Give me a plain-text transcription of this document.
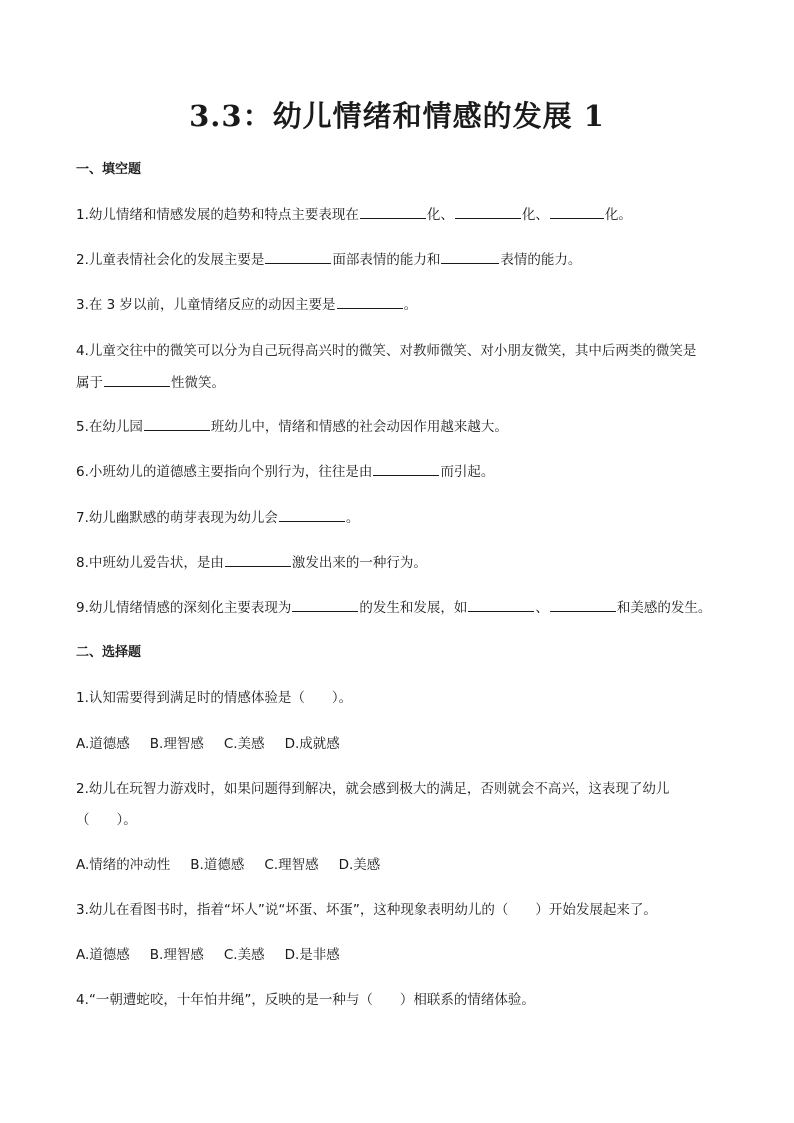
3.3：幼儿情绪和情感的发展 1
一、填空题
1.幼儿情绪和情感发展的趋势和特点主要表现在	化、	化、	化。
2.儿童表情社会化的发展主要是	面部表情的能力和	表情的能力。
3.在 3 岁以前，儿童情绪反应的动因主要是	。
4.儿童交往中的微笑可以分为自己玩得高兴时的微笑、对教师微笑、对小朋友微笑，其中后两类的微笑是
属于	性微笑。
5.在幼儿园	班幼儿中，情绪和情感的社会动因作用越来越大。
6.小班幼儿的道德感主要指向个别行为，往往是由	而引起。
7.幼儿幽默感的萌芽表现为幼儿会	。
8.中班幼儿爱告状，是由	激发出来的一种行为。
9.幼儿情绪情感的深刻化主要表现为	的发生和发展，如	、	和美感的发生。
二、选择题
1.认知需要得到满足时的情感体验是（　　）。
A.道德感 B.理智感 C.美感 D.成就感
2.幼儿在玩智力游戏时，如果问题得到解决，就会感到极大的满足，否则就会不高兴，这表现了幼儿
（　　）。
A.情绪的冲动性 B.道德感 C.理智感 D.美感
3.幼儿在看图书时，指着“坏人”说“坏蛋、坏蛋”，这种现象表明幼儿的（　　）开始发展起来了。
A.道德感 B.理智感 C.美感 D.是非感
4.“一朝遭蛇咬，十年怕井绳”，反映的是一种与（　　）相联系的情绪体验。
